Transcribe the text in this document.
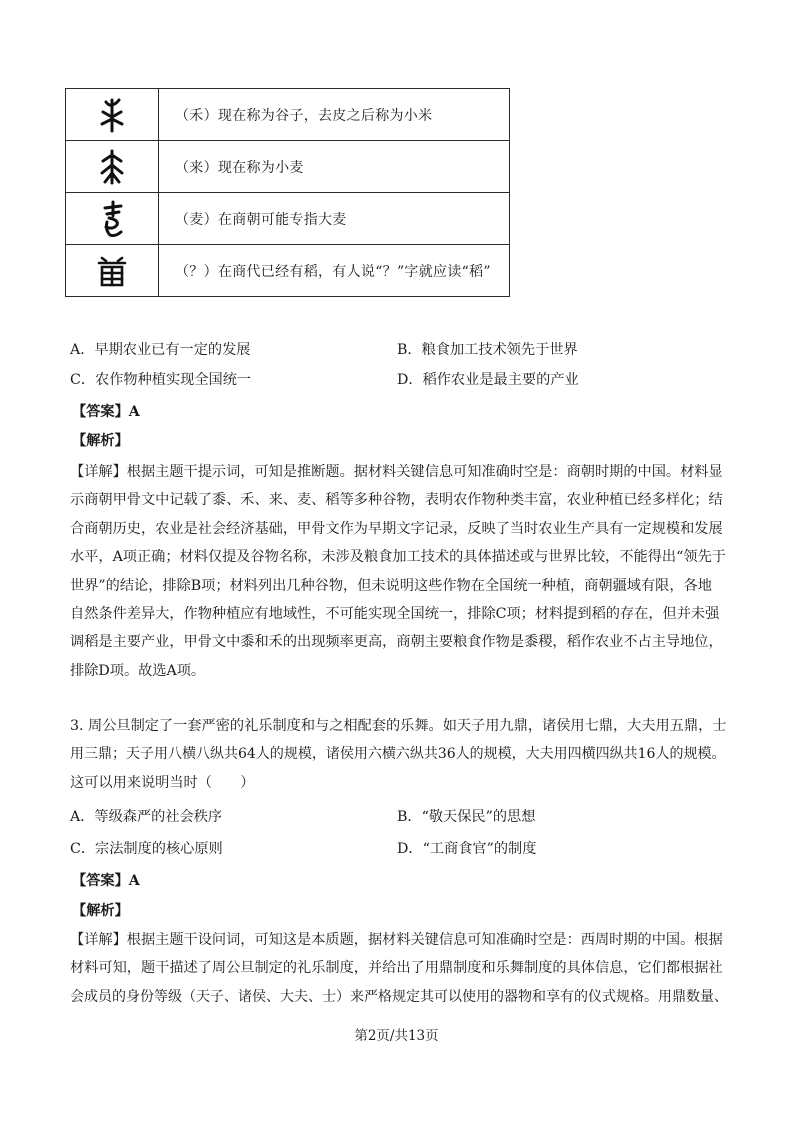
	（禾）现在称为谷子，去皮之后称为小米

	（来）现在称为小麦

	（麦）在商朝可能专指大麦

	（？）在商代已经有稻，有人说“？”字就应读“稻”
A．早期农业已有一定的发展	B．粮食加工技术领先于世界
C．农作物种植实现全国统一	D．稻作农业是最主要的产业
【答案】A
【解析】
【详解】根据主题干提示词，可知是推断题。据材料关键信息可知准确时空是：商朝时期的中国。材料显
示商朝甲骨文中记载了黍、禾、来、麦、稻等多种谷物，表明农作物种类丰富，农业种植已经多样化；结
合商朝历史，农业是社会经济基础，甲骨文作为早期文字记录，反映了当时农业生产具有一定规模和发展
水平，A项正确；材料仅提及谷物名称，未涉及粮食加工技术的具体描述或与世界比较，不能得出“领先于
世界”的结论，排除B项；材料列出几种谷物，但未说明这些作物在全国统一种植，商朝疆域有限，各地
自然条件差异大，作物种植应有地域性，不可能实现全国统一，排除C项；材料提到稻的存在，但并未强
调稻是主要产业，甲骨文中黍和禾的出现频率更高，商朝主要粮食作物是黍稷，稻作农业不占主导地位，
排除D项。故选A项。
3. 周公旦制定了一套严密的礼乐制度和与之相配套的乐舞。如天子用九鼎，诸侯用七鼎，大夫用五鼎，士
用三鼎；天子用八横八纵共64人的规模，诸侯用六横六纵共36人的规模，大夫用四横四纵共16人的规模。
这可以用来说明当时（　　）
A．等级森严的社会秩序	B．“敬天保民”的思想
C．宗法制度的核心原则	D．“工商食官”的制度
【答案】A
【解析】
【详解】根据主题干设问词，可知这是本质题，据材料关键信息可知准确时空是：西周时期的中国。根据
材料可知，题干描述了周公旦制定的礼乐制度，并给出了用鼎制度和乐舞制度的具体信息，它们都根据社
会成员的身份等级（天子、诸侯、大夫、士）来严格规定其可以使用的器物和享有的仪式规格。用鼎数量、
第2页/共13页
